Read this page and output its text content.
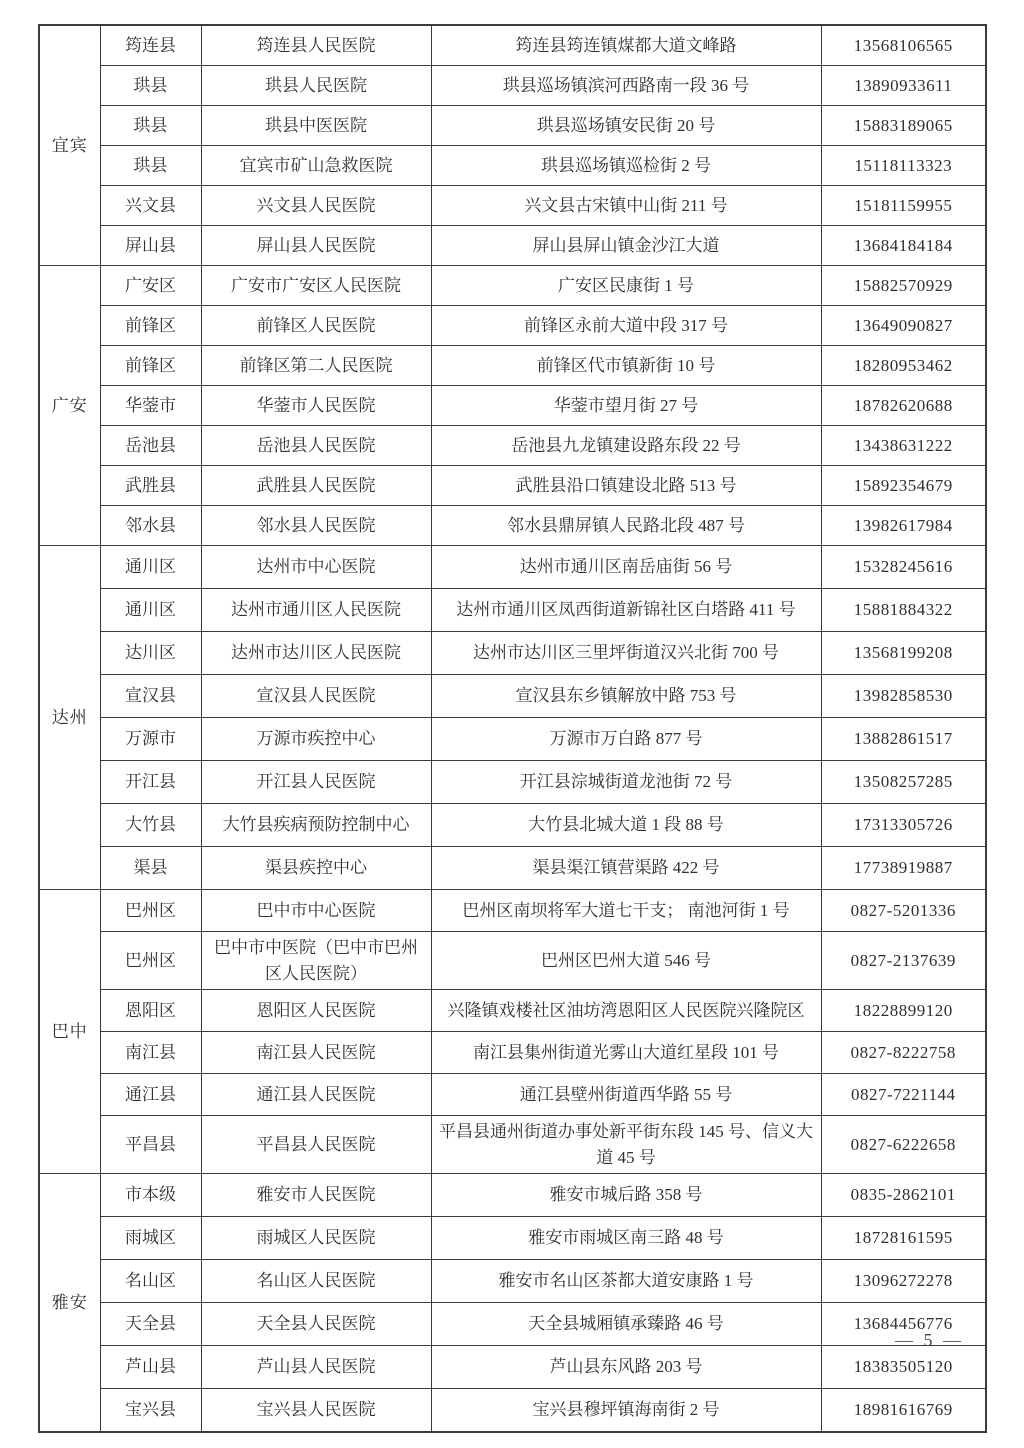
宜宾	筠连县	筠连县人民医院	筠连县筠连镇煤都大道文峰路	13568106565
	珙县	珙县人民医院	珙县巡场镇滨河西路南一段 36 号	13890933611
	珙县	珙县中医医院	珙县巡场镇安民街 20 号	15883189065
	珙县	宜宾市矿山急救医院	珙县巡场镇巡检街 2 号	15118113323
	兴文县	兴文县人民医院	兴文县古宋镇中山街 211 号	15181159955
	屏山县	屏山县人民医院	屏山县屏山镇金沙江大道	13684184184
广安	广安区	广安市广安区人民医院	广安区民康街 1 号	15882570929
	前锋区	前锋区人民医院	前锋区永前大道中段 317 号	13649090827
	前锋区	前锋区第二人民医院	前锋区代市镇新街 10 号	18280953462
	华蓥市	华蓥市人民医院	华蓥市望月街 27 号	18782620688
	岳池县	岳池县人民医院	岳池县九龙镇建设路东段 22 号	13438631222
	武胜县	武胜县人民医院	武胜县沿口镇建设北路 513 号	15892354679
	邻水县	邻水县人民医院	邻水县鼎屏镇人民路北段 487 号	13982617984
达州	通川区	达州市中心医院	达州市通川区南岳庙街 56 号	15328245616
	通川区	达州市通川区人民医院	达州市通川区凤西街道新锦社区白塔路 411 号	15881884322
	达川区	达州市达川区人民医院	达州市达川区三里坪街道汉兴北街 700 号	13568199208
	宣汉县	宣汉县人民医院	宣汉县东乡镇解放中路 753 号	13982858530
	万源市	万源市疾控中心	万源市万白路 877 号	13882861517
	开江县	开江县人民医院	开江县淙城街道龙池街 72 号	13508257285
	大竹县	大竹县疾病预防控制中心	大竹县北城大道 1 段 88 号	17313305726
	渠县	渠县疾控中心	渠县渠江镇营渠路 422 号	17738919887
巴中	巴州区	巴中市中心医院	巴州区南坝将军大道七干支； 南池河街 1 号	0827-5201336
	巴州区	巴中市中医院（巴中市巴州区人民医院）	巴州区巴州大道 546 号	0827-2137639
	恩阳区	恩阳区人民医院	兴隆镇戏楼社区油坊湾恩阳区人民医院兴隆院区	18228899120
	南江县	南江县人民医院	南江县集州街道光雾山大道红星段 101 号	0827-8222758
	通江县	通江县人民医院	通江县壁州街道西华路 55 号	0827-7221144
	平昌县	平昌县人民医院	平昌县通州街道办事处新平街东段 145 号、信义大道 45 号	0827-6222658
雅安	市本级	雅安市人民医院	雅安市城后路 358 号	0835-2862101
	雨城区	雨城区人民医院	雅安市雨城区南三路 48 号	18728161595
	名山区	名山区人民医院	雅安市名山区茶都大道安康路 1 号	13096272278
	天全县	天全县人民医院	天全县城厢镇承臻路 46 号	13684456776
	芦山县	芦山县人民医院	芦山县东风路 203 号	18383505120
	宝兴县	宝兴县人民医院	宝兴县穆坪镇海南街 2 号	18981616769
— 5 —
